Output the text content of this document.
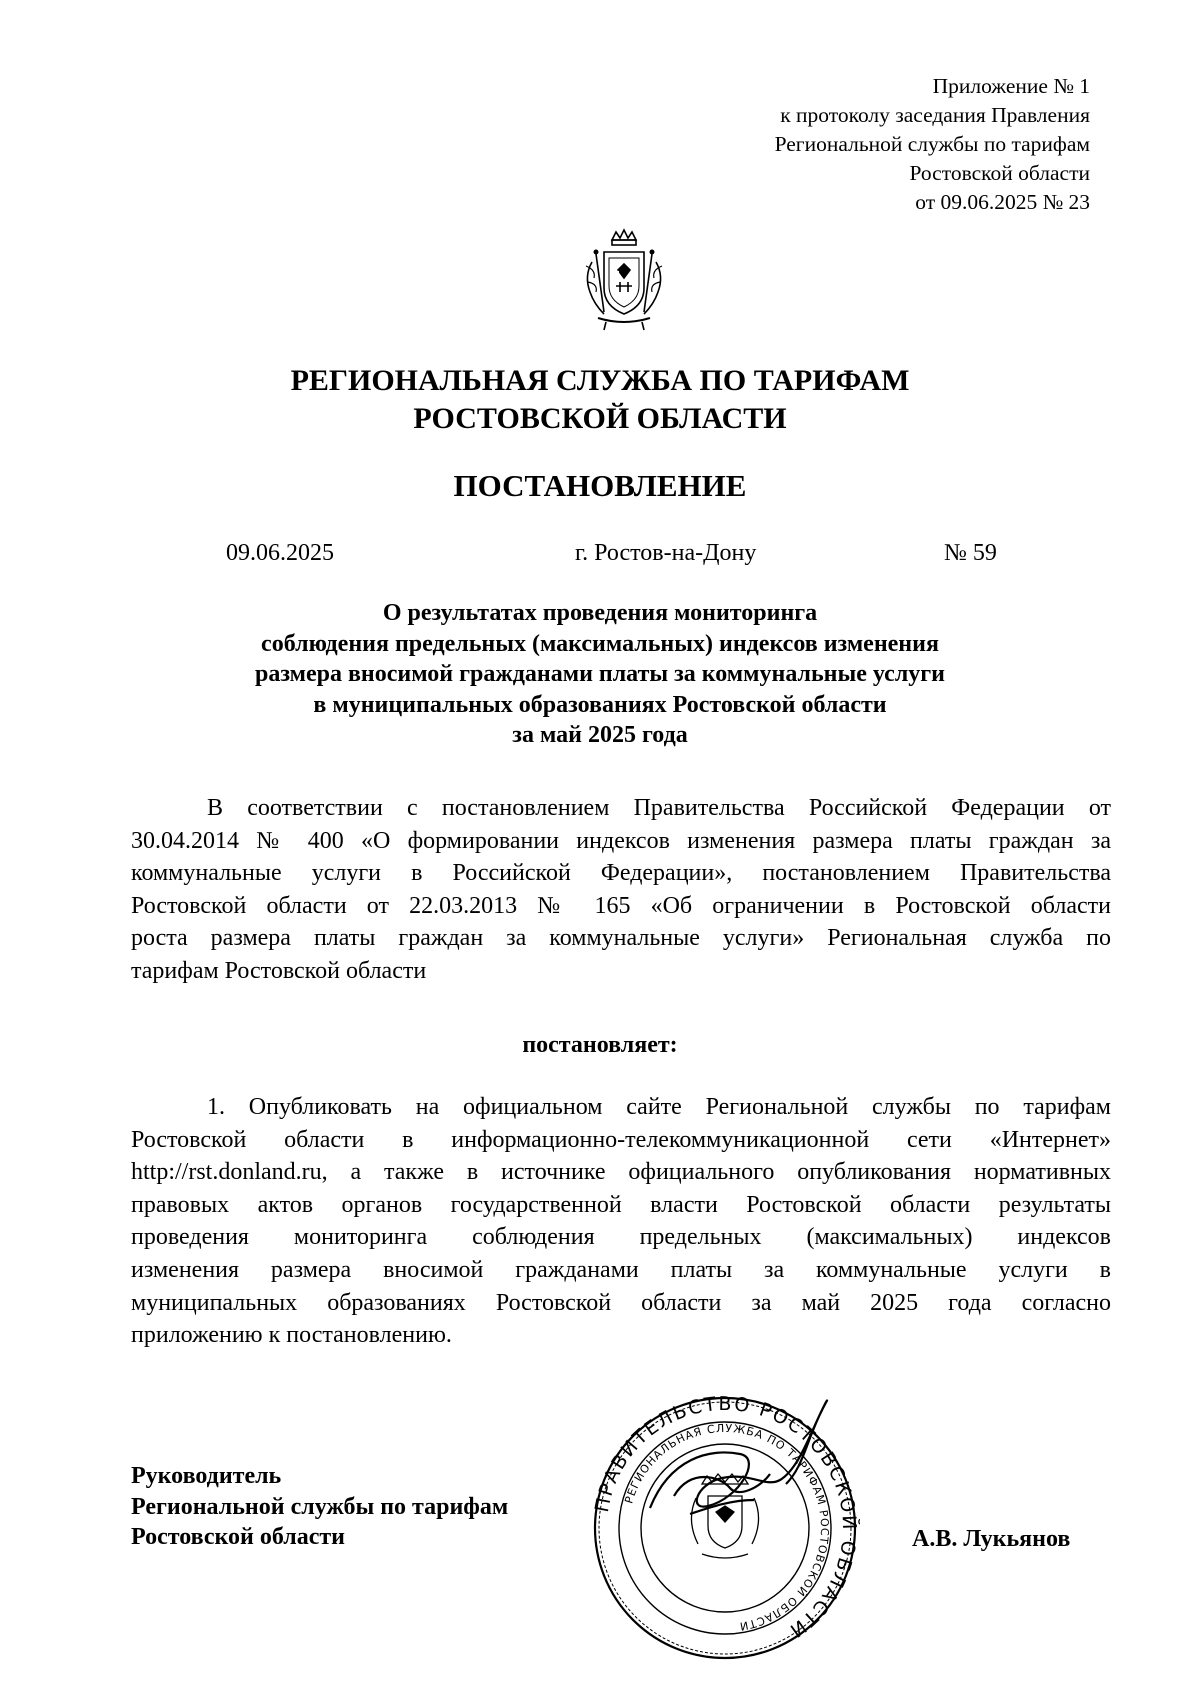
Приложение № 1
к протоколу заседания Правления
Региональной службы по тарифам
Ростовской области
от 09.06.2025 № 23
РЕГИОНАЛЬНАЯ СЛУЖБА ПО ТАРИФАМ
РОСТОВСКОЙ ОБЛАСТИ
ПОСТАНОВЛЕНИЕ
09.06.2025	г. Ростов-на-Дону	№ 59
О результатах проведения мониторинга
соблюдения предельных (максимальных) индексов изменения
размера вносимой гражданами платы за коммунальные услуги
в муниципальных образованиях Ростовской области
за май 2025 года
В соответствии с постановлением Правительства Российской Федерации от
30.04.2014 № 400 «О формировании индексов изменения размера платы граждан за
коммунальные услуги в Российской Федерации», постановлением Правительства
Ростовской области от 22.03.2013 № 165 «Об ограничении в Ростовской области
роста размера платы граждан за коммунальные услуги» Региональная служба по
тарифам Ростовской области
постановляет:
1. Опубликовать на официальном сайте Региональной службы по тарифам
Ростовской области в информационно-телекоммуникационной сети «Интернет»
http://rst.donland.ru, а также в источнике официального опубликования нормативных
правовых актов органов государственной власти Ростовской области результаты
проведения мониторинга соблюдения предельных (максимальных) индексов
изменения размера вносимой гражданами платы за коммунальные услуги в
муниципальных образованиях Ростовской области за май 2025 года согласно
приложению к постановлению.
Руководитель
Региональной службы по тарифам
Ростовской области
ПРАВИТЕЛЬСТВО РОСТОВСКОЙ ОБЛАСТИ
РЕГИОНАЛЬНАЯ СЛУЖБА ПО ТАРИФАМ РОСТОВСКОЙ ОБЛАСТИ
А.В. Лукьянов
